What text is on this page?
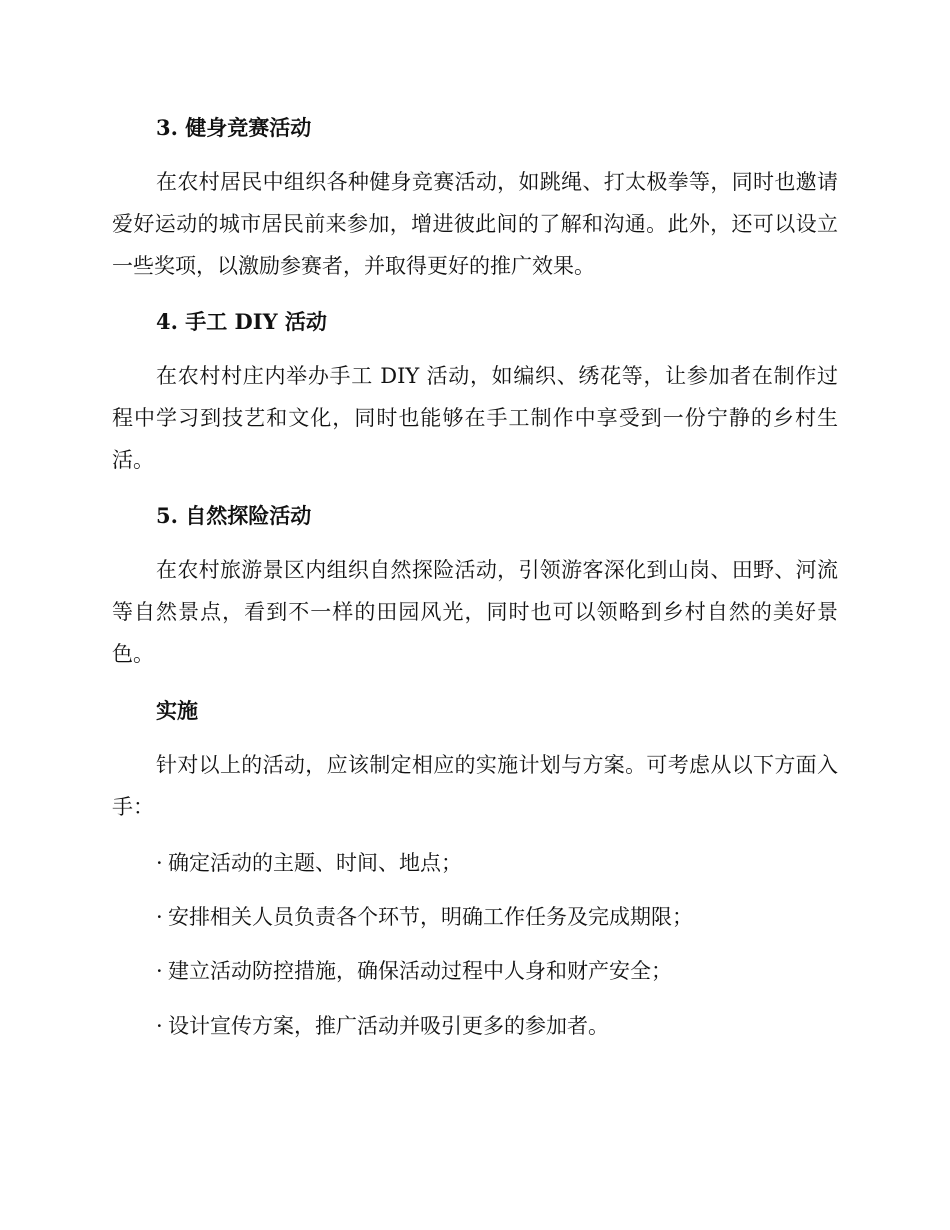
3. 健身竞赛活动
在农村居民中组织各种健身竞赛活动，如跳绳、打太极拳等，同时也邀请爱好运动的城市居民前来参加，增进彼此间的了解和沟通。此外，还可以设立一些奖项，以激励参赛者，并取得更好的推广效果。
4. 手工 DIY 活动
在农村村庄内举办手工 DIY 活动，如编织、绣花等，让参加者在制作过程中学习到技艺和文化，同时也能够在手工制作中享受到一份宁静的乡村生活。
5. 自然探险活动
在农村旅游景区内组织自然探险活动，引领游客深化到山岗、田野、河流等自然景点，看到不一样的田园风光，同时也可以领略到乡村自然的美好景色。
实施
针对以上的活动，应该制定相应的实施计划与方案。可考虑从以下方面入手：
· 确定活动的主题、时间、地点；
· 安排相关人员负责各个环节，明确工作任务及完成期限；
· 建立活动防控措施，确保活动过程中人身和财产安全；
· 设计宣传方案，推广活动并吸引更多的参加者。
